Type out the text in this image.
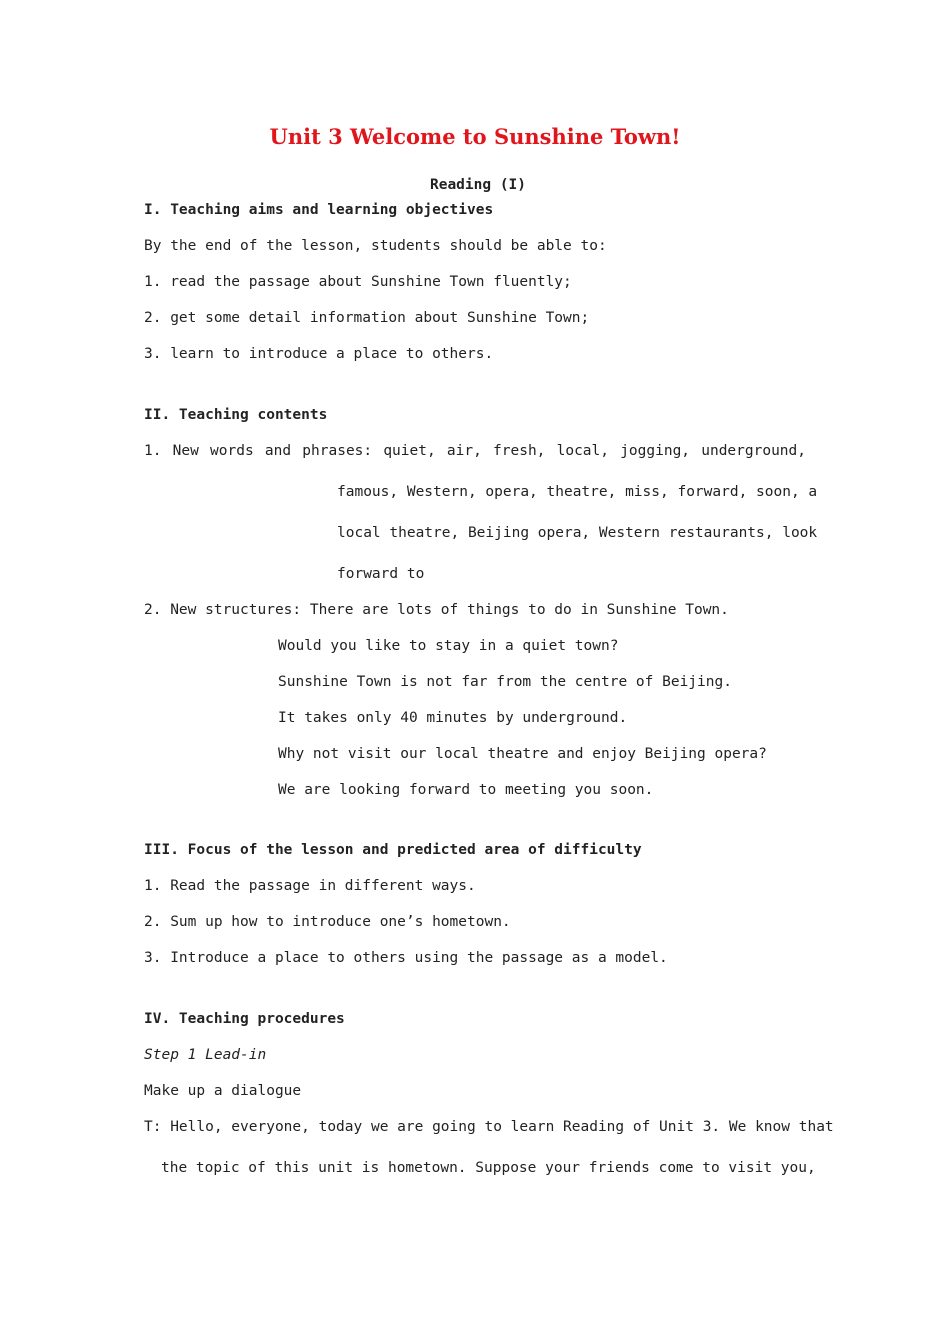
Unit 3 Welcome to Sunshine Town!
Reading (I)
I. Teaching aims and learning objectives
By the end of the lesson, students should be able to:
1. read the passage about Sunshine Town fluently;
2. get some detail information about Sunshine Town;
3. learn to introduce a place to others.
II. Teaching contents
1. New words and phrases: quiet, air, fresh, local, jogging, underground,
famous, Western, opera, theatre, miss, forward, soon, a
local theatre, Beijing opera, Western restaurants, look
forward to
2. New structures: There are lots of things to do in Sunshine Town.
Would you like to stay in a quiet town?
Sunshine Town is not far from the centre of Beijing.
It takes only 40 minutes by underground.
Why not visit our local theatre and enjoy Beijing opera?
We are looking forward to meeting you soon.
III. Focus of the lesson and predicted area of difficulty
1. Read the passage in different ways.
2. Sum up how to introduce one’s hometown.
3. Introduce a place to others using the passage as a model.
IV. Teaching procedures
Step 1 Lead-in
Make up a dialogue
T: Hello, everyone, today we are going to learn Reading of Unit 3. We know that
the topic of this unit is hometown. Suppose your friends come to visit you,
